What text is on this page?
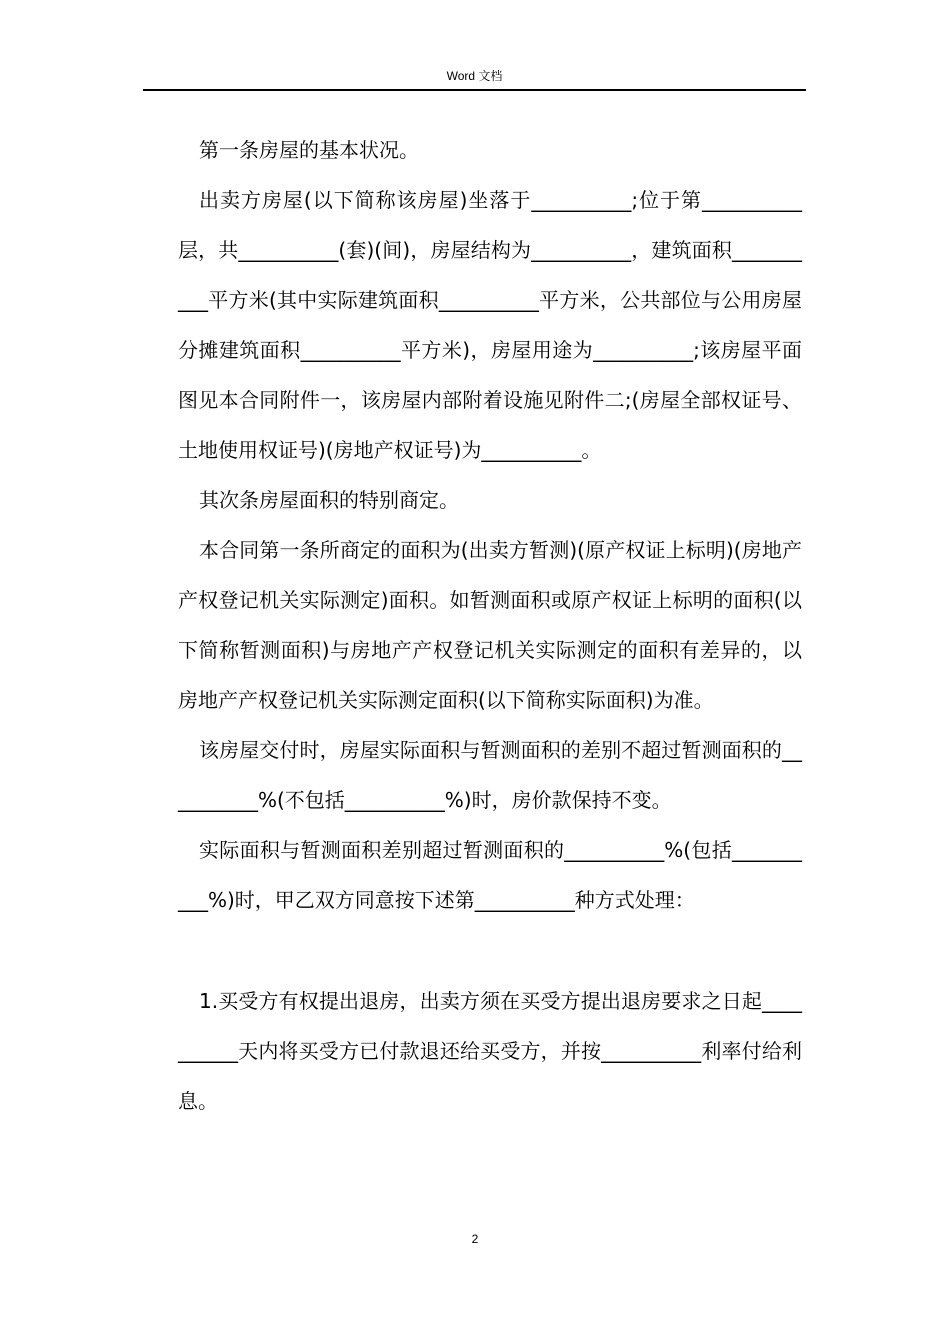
Word 文档

第一条房屋的基本状况。

出卖方房屋(以下简称该房屋)坐落于__________;位于第__________层，共__________(套)(间)，房屋结构为__________，建筑面积__________平方米(其中实际建筑面积__________平方米，公共部位与公用房屋分摊建筑面积__________平方米)，房屋用途为__________;该房屋平面图见本合同附件一，该房屋内部附着设施见附件二;(房屋全部权证号、土地使用权证号)(房地产权证号)为__________。

其次条房屋面积的特别商定。

本合同第一条所商定的面积为(出卖方暂测)(原产权证上标明)(房地产产权登记机关实际测定)面积。如暂测面积或原产权证上标明的面积(以下简称暂测面积)与房地产产权登记机关实际测定的面积有差异的，以房地产产权登记机关实际测定面积(以下简称实际面积)为准。

该房屋交付时，房屋实际面积与暂测面积的差别不超过暂测面积的__________%(不包括__________%)时，房价款保持不变。

实际面积与暂测面积差别超过暂测面积的__________%(包括__________%)时，甲乙双方同意按下述第__________种方式处理：

1.买受方有权提出退房，出卖方须在买受方提出退房要求之日起__________天内将买受方已付款退还给买受方，并按__________利率付给利息。

2
